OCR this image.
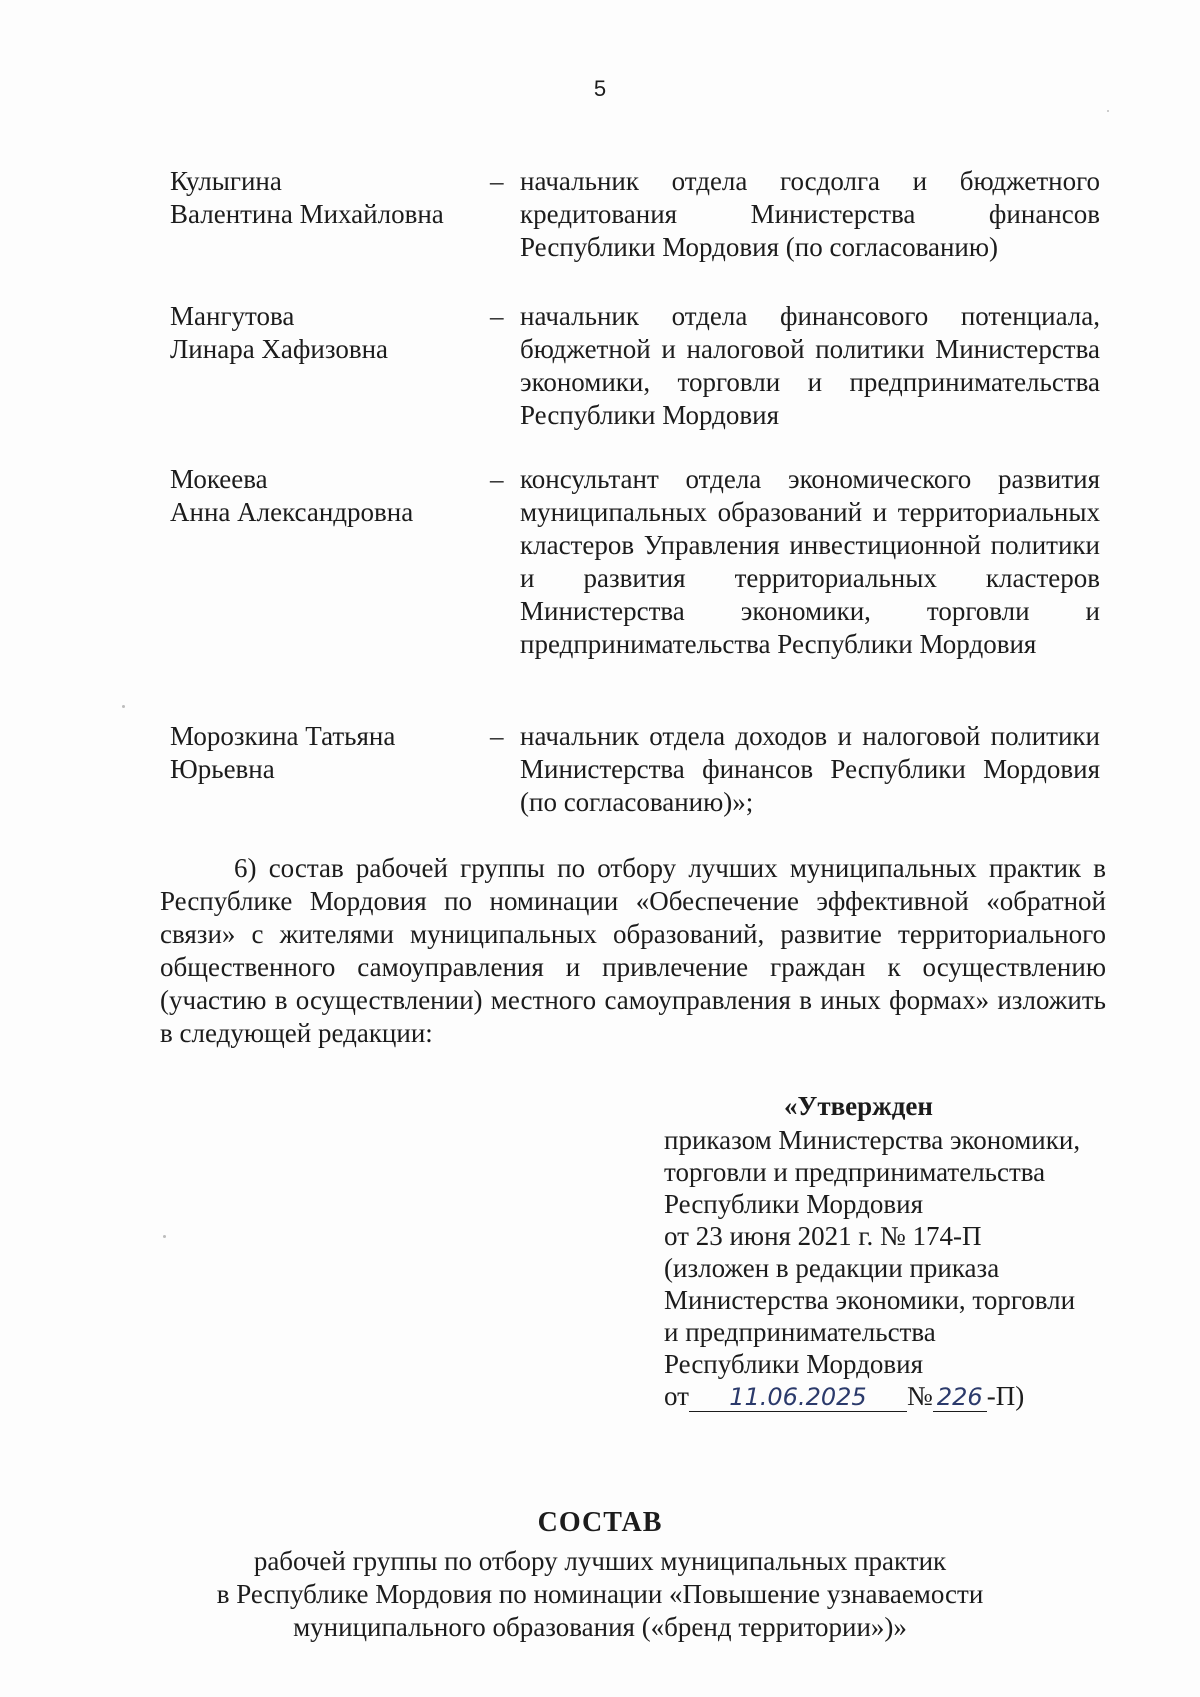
5
Кулыгина
Валентина Михайловна
– начальник отдела госдолга и бюджетного кредитования Министерства финансов Республики Мордовия (по согласованию)
Мангутова
Линара Хафизовна
– начальник отдела финансового потенциала, бюджетной и налоговой политики Министерства экономики, торговли и предпринимательства Республики Мордовия
Мокеева
Анна Александровна
– консультант отдела экономического развития муниципальных образований и территориальных кластеров Управления инвестиционной политики и развития территориальных кластеров Министерства экономики, торговли и предпринимательства Республики Мордовия
Морозкина Татьяна
Юрьевна
– начальник отдела доходов и налоговой политики Министерства финансов Республики Мордовия (по согласованию)»;
6) состав рабочей группы по отбору лучших муниципальных практик в Республике Мордовия по номинации «Обеспечение эффективной «обратной связи» с жителями муниципальных образований, развитие территориального общественного самоуправления и привлечение граждан к осуществлению (участию в осуществлении) местного самоуправления в иных формах» изложить в следующей редакции:
«Утвержден
приказом Министерства экономики,
торговли и предпринимательства
Республики Мордовия
от 23 июня 2021 г. № 174-П
(изложен в редакции приказа
Министерства экономики, торговли
и предпринимательства
Республики Мордовия
от 11.06.2025 № 226 -П)
СОСТАВ
рабочей группы по отбору лучших муниципальных практик
в Республике Мордовия по номинации «Повышение узнаваемости
муниципального образования («бренд территории»)»
